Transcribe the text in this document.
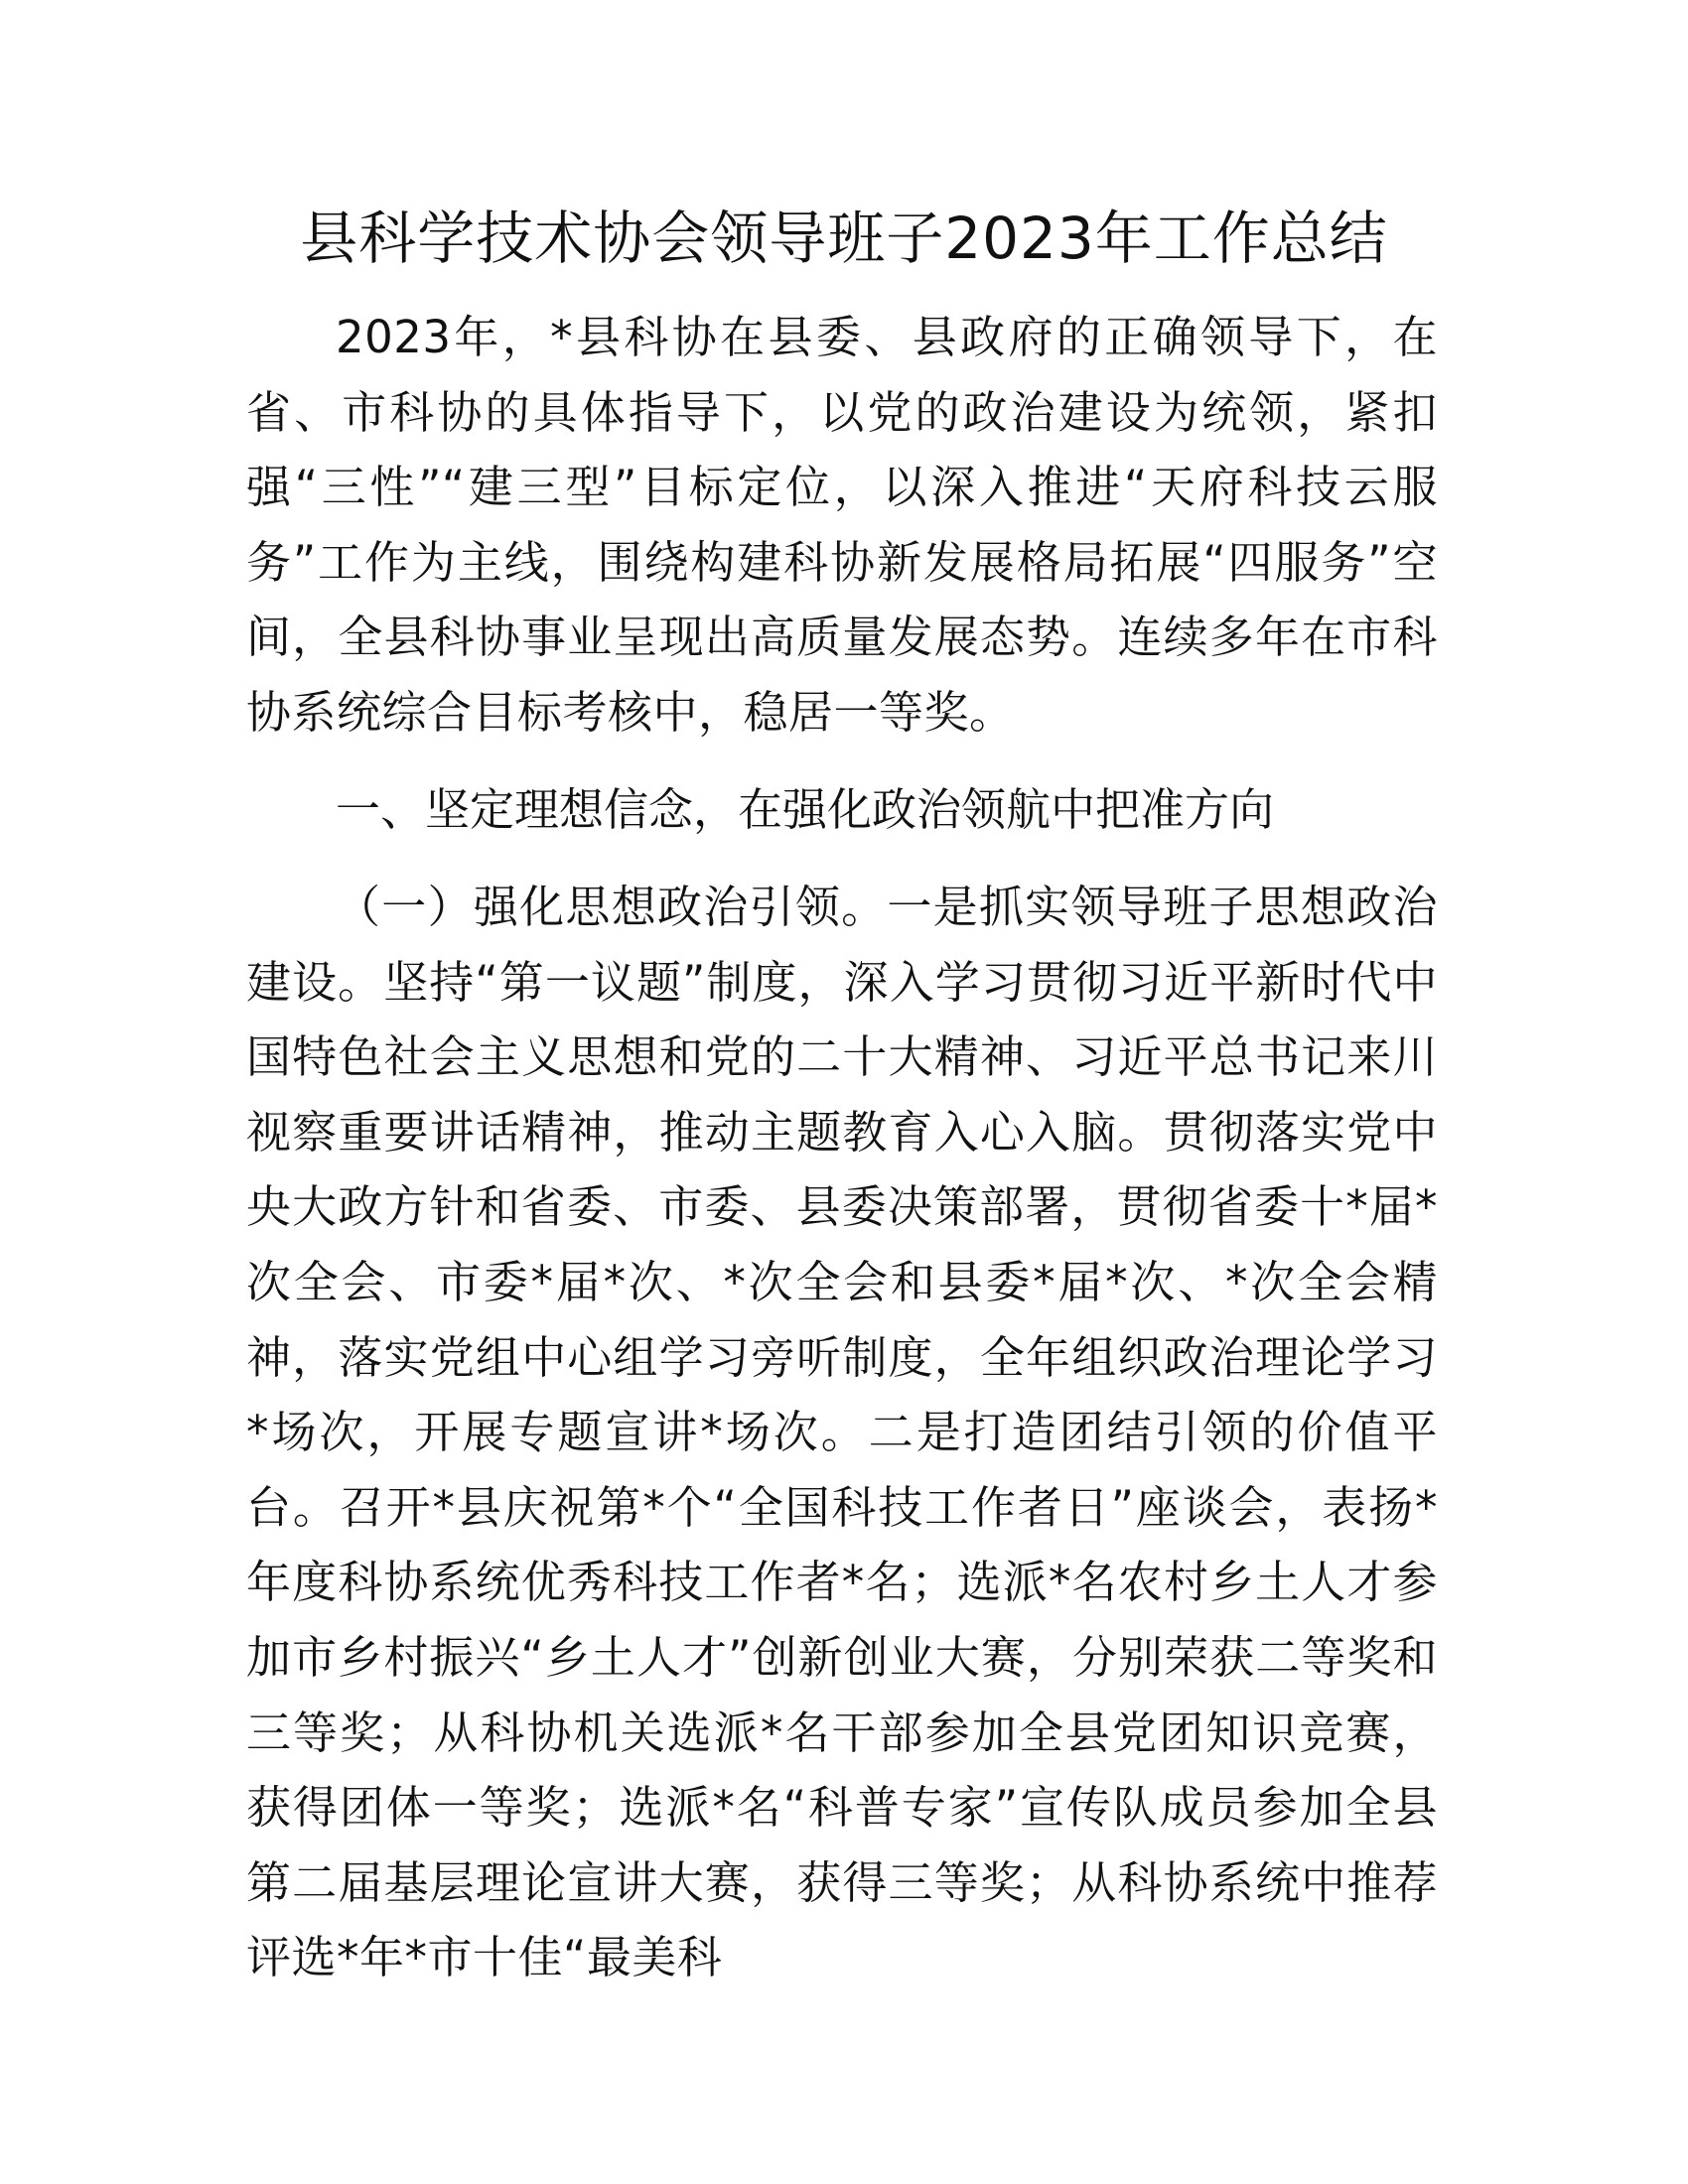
县科学技术协会领导班子2023年工作总结

2023年，*县科协在县委、县政府的正确领导下，在省、市科协的具体指导下，以党的政治建设为统领，紧扣强“三性”“建三型”目标定位，以深入推进“天府科技云服务”工作为主线，围绕构建科协新发展格局拓展“四服务”空间，全县科协事业呈现出高质量发展态势。连续多年在市科协系统综合目标考核中，稳居一等奖。

一、坚定理想信念，在强化政治领航中把准方向

（一）强化思想政治引领。一是抓实领导班子思想政治建设。坚持“第一议题”制度，深入学习贯彻习近平新时代中国特色社会主义思想和党的二十大精神、习近平总书记来川视察重要讲话精神，推动主题教育入心入脑。贯彻落实党中央大政方针和省委、市委、县委决策部署，贯彻省委十*届*次全会、市委*届*次、*次全会和县委*届*次、*次全会精神，落实党组中心组学习旁听制度，全年组织政治理论学习*场次，开展专题宣讲*场次。二是打造团结引领的价值平台。召开*县庆祝第*个“全国科技工作者日”座谈会，表扬*年度科协系统优秀科技工作者*名；选派*名农村乡土人才参加市乡村振兴“乡土人才”创新创业大赛，分别荣获二等奖和三等奖；从科协机关选派*名干部参加全县党团知识竞赛，获得团体一等奖；选派*名“科普专家”宣传队成员参加全县第二届基层理论宣讲大赛，获得三等奖；从科协系统中推荐评选*年*市十佳“最美科
